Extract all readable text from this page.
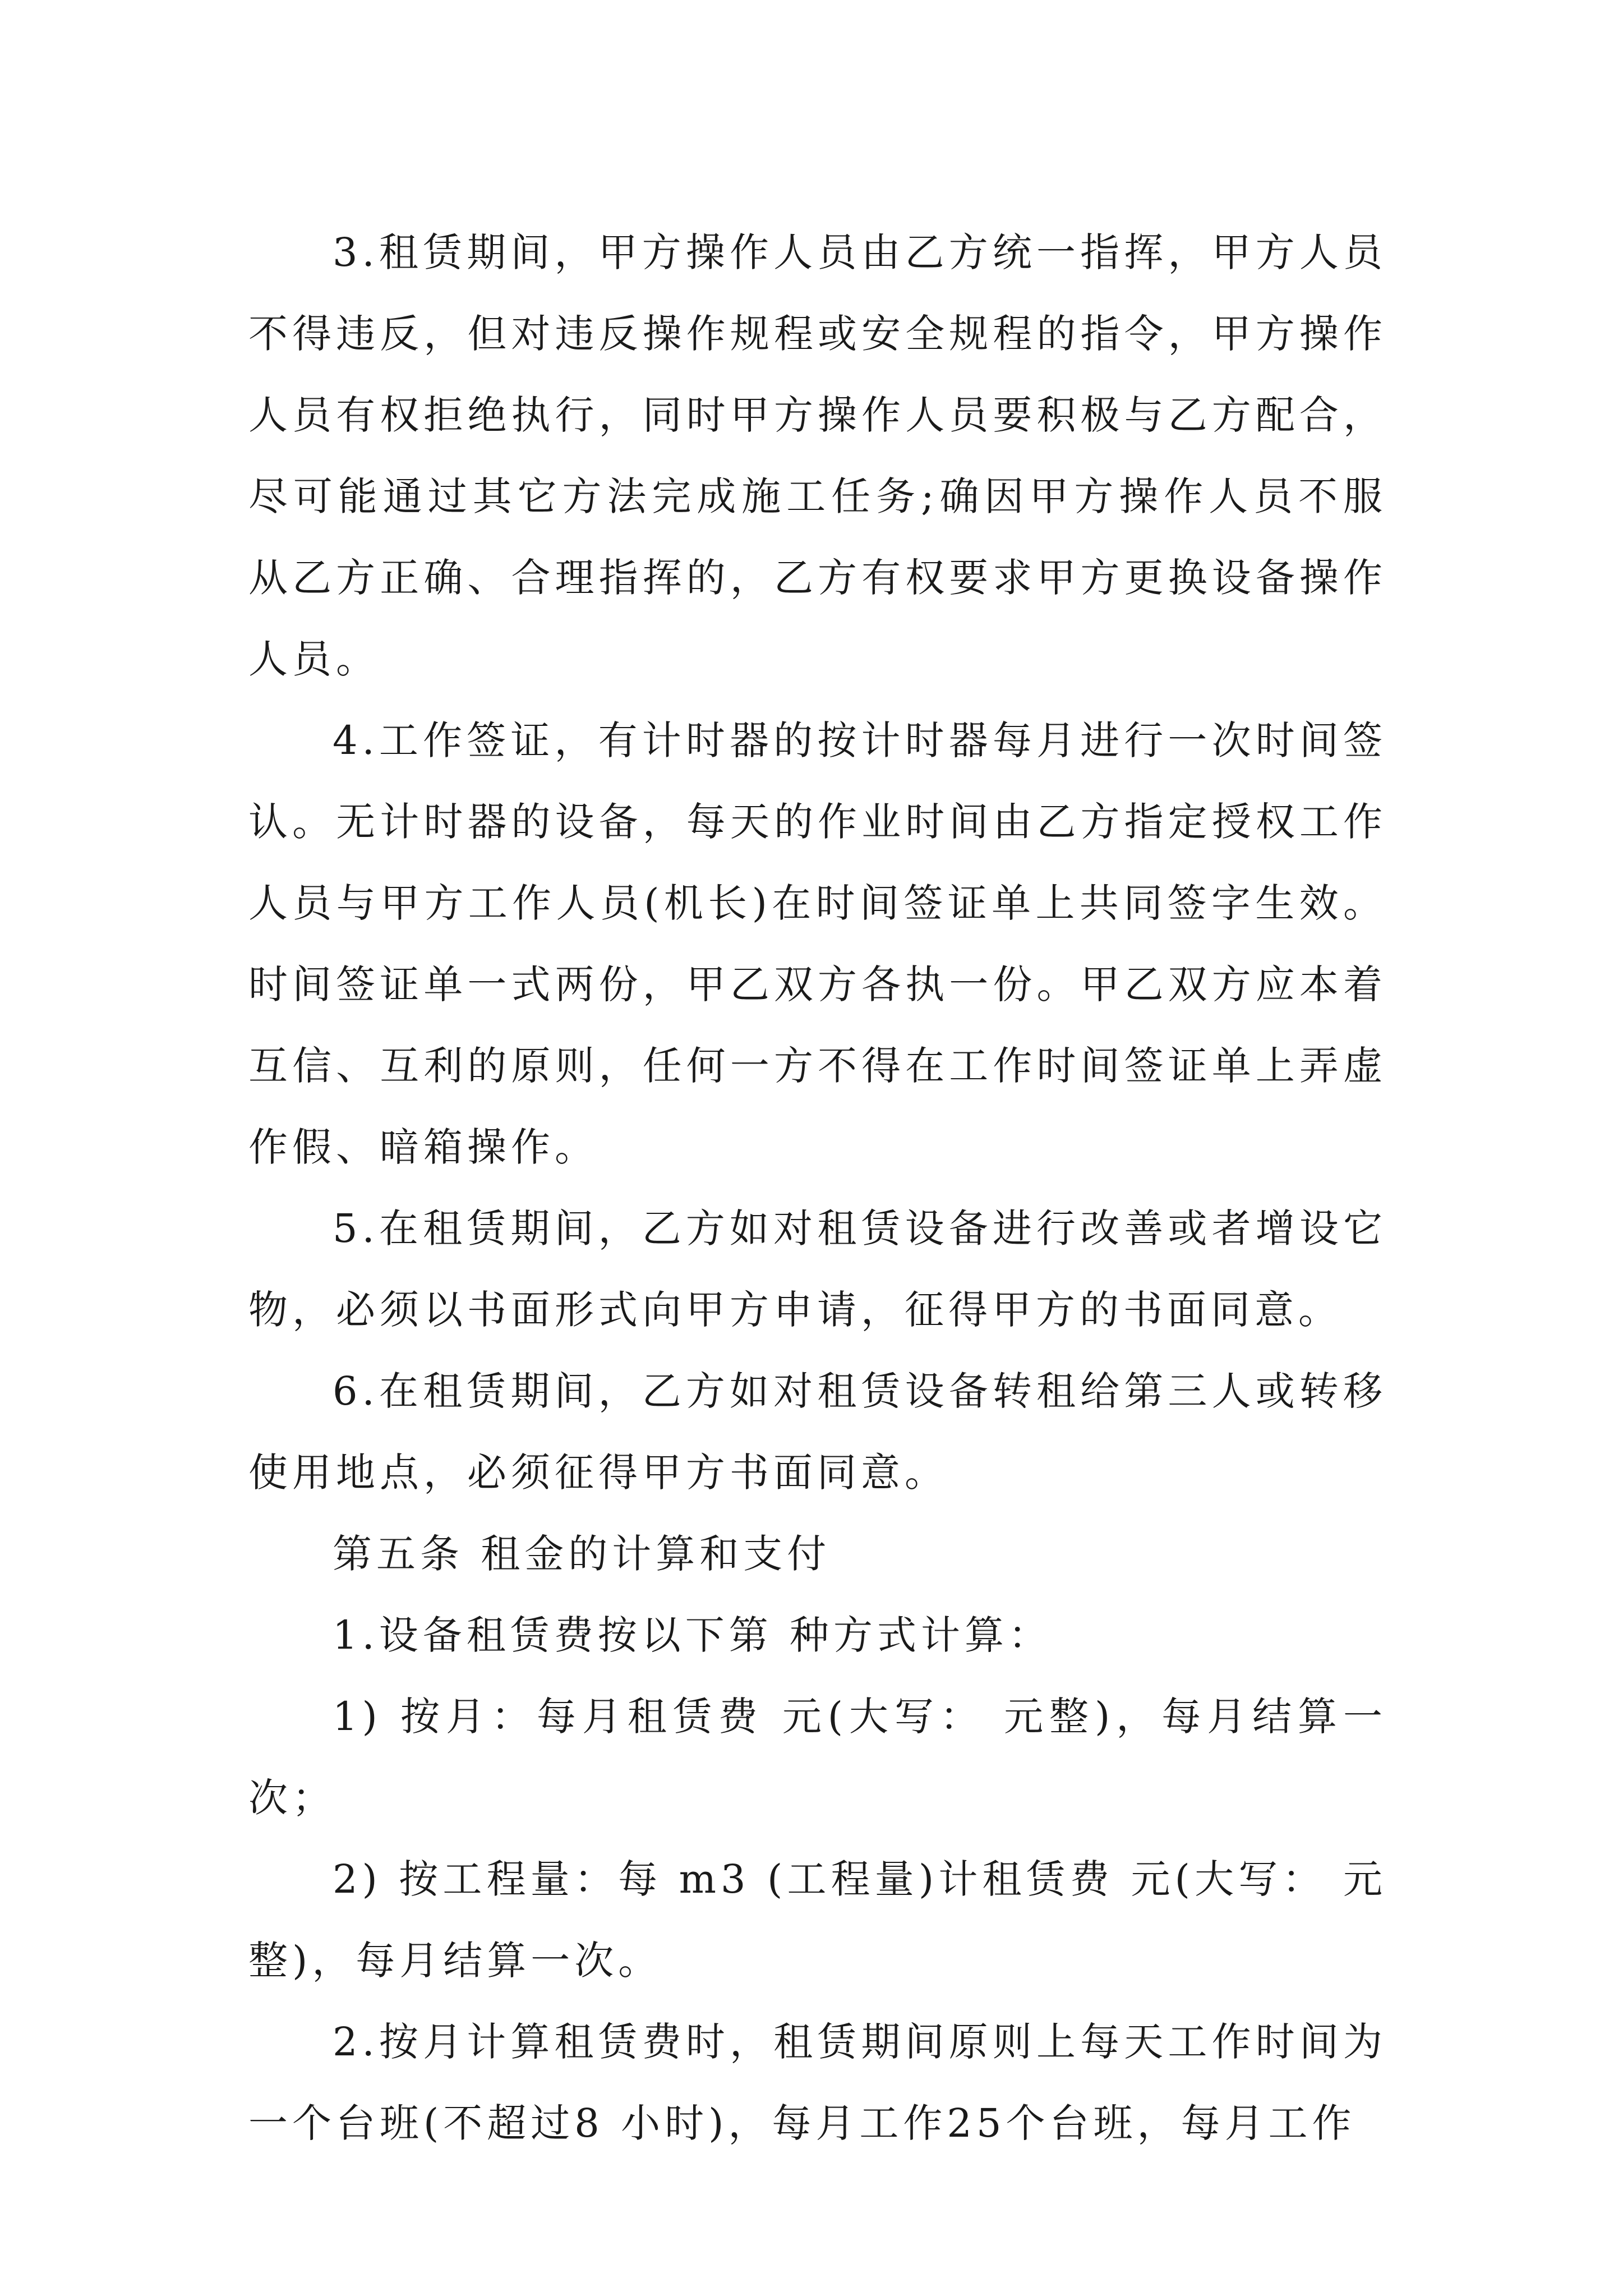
3.租赁期间，甲方操作人员由乙方统一指挥，甲方人员不得违反，但对违反操作规程或安全规程的指令，甲方操作人员有权拒绝执行，同时甲方操作人员要积极与乙方配合，尽可能通过其它方法完成施工任务;确因甲方操作人员不服从乙方正确、合理指挥的，乙方有权要求甲方更换设备操作人员。

4.工作签证，有计时器的按计时器每月进行一次时间签认。无计时器的设备，每天的作业时间由乙方指定授权工作人员与甲方工作人员(机长)在时间签证单上共同签字生效。时间签证单一式两份，甲乙双方各执一份。甲乙双方应本着互信、互利的原则，任何一方不得在工作时间签证单上弄虚作假、暗箱操作。

5.在租赁期间，乙方如对租赁设备进行改善或者增设它物，必须以书面形式向甲方申请，征得甲方的书面同意。

6.在租赁期间，乙方如对租赁设备转租给第三人或转移使用地点，必须征得甲方书面同意。

第五条 租金的计算和支付

1.设备租赁费按以下第 种方式计算：

1) 按月：每月租赁费 元(大写： 元整)，每月结算一次；

2) 按工程量：每 m3 (工程量)计租赁费 元(大写： 元整)，每月结算一次。

2.按月计算租赁费时，租赁期间原则上每天工作时间为一个台班(不超过8 小时)，每月工作25个台班，每月工作
